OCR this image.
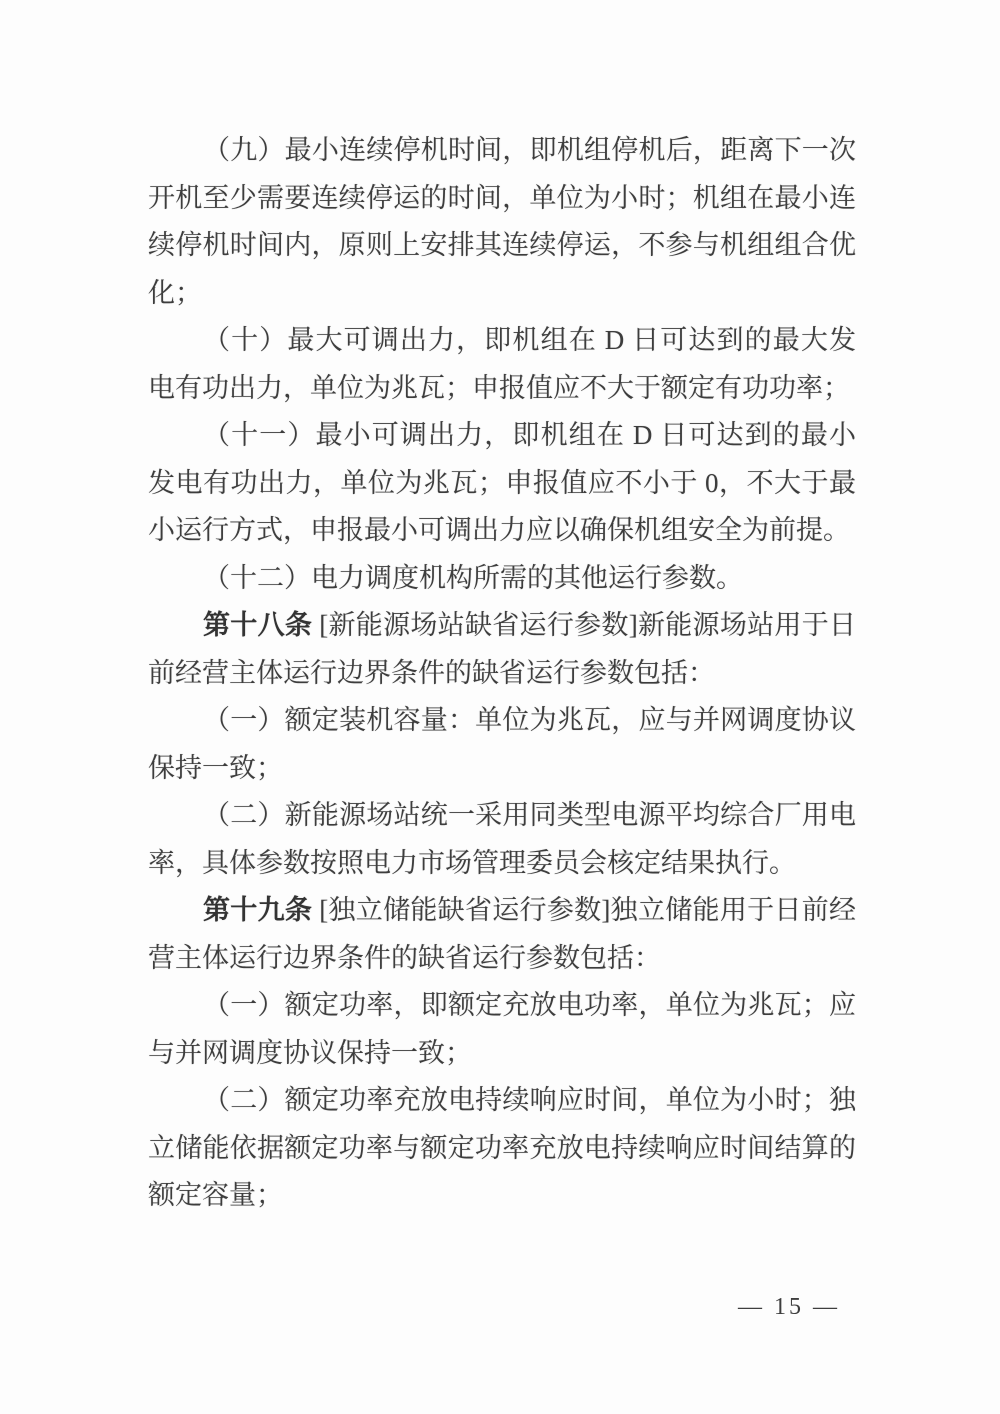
（九）最小连续停机时间，即机组停机后，距离下一次开机至少需要连续停运的时间，单位为小时；机组在最小连续停机时间内，原则上安排其连续停运，不参与机组组合优化；

（十）最大可调出力，即机组在 D 日可达到的最大发电有功出力，单位为兆瓦；申报值应不大于额定有功功率；

（十一）最小可调出力，即机组在 D 日可达到的最小发电有功出力，单位为兆瓦；申报值应不小于 0，不大于最小运行方式，申报最小可调出力应以确保机组安全为前提。

（十二）电力调度机构所需的其他运行参数。

第十八条 [新能源场站缺省运行参数]新能源场站用于日前经营主体运行边界条件的缺省运行参数包括：

（一）额定装机容量：单位为兆瓦，应与并网调度协议保持一致；

（二）新能源场站统一采用同类型电源平均综合厂用电率，具体参数按照电力市场管理委员会核定结果执行。

第十九条 [独立储能缺省运行参数]独立储能用于日前经营主体运行边界条件的缺省运行参数包括：

（一）额定功率，即额定充放电功率，单位为兆瓦；应与并网调度协议保持一致；

（二）额定功率充放电持续响应时间，单位为小时；独立储能依据额定功率与额定功率充放电持续响应时间结算的额定容量；

— 15 —
